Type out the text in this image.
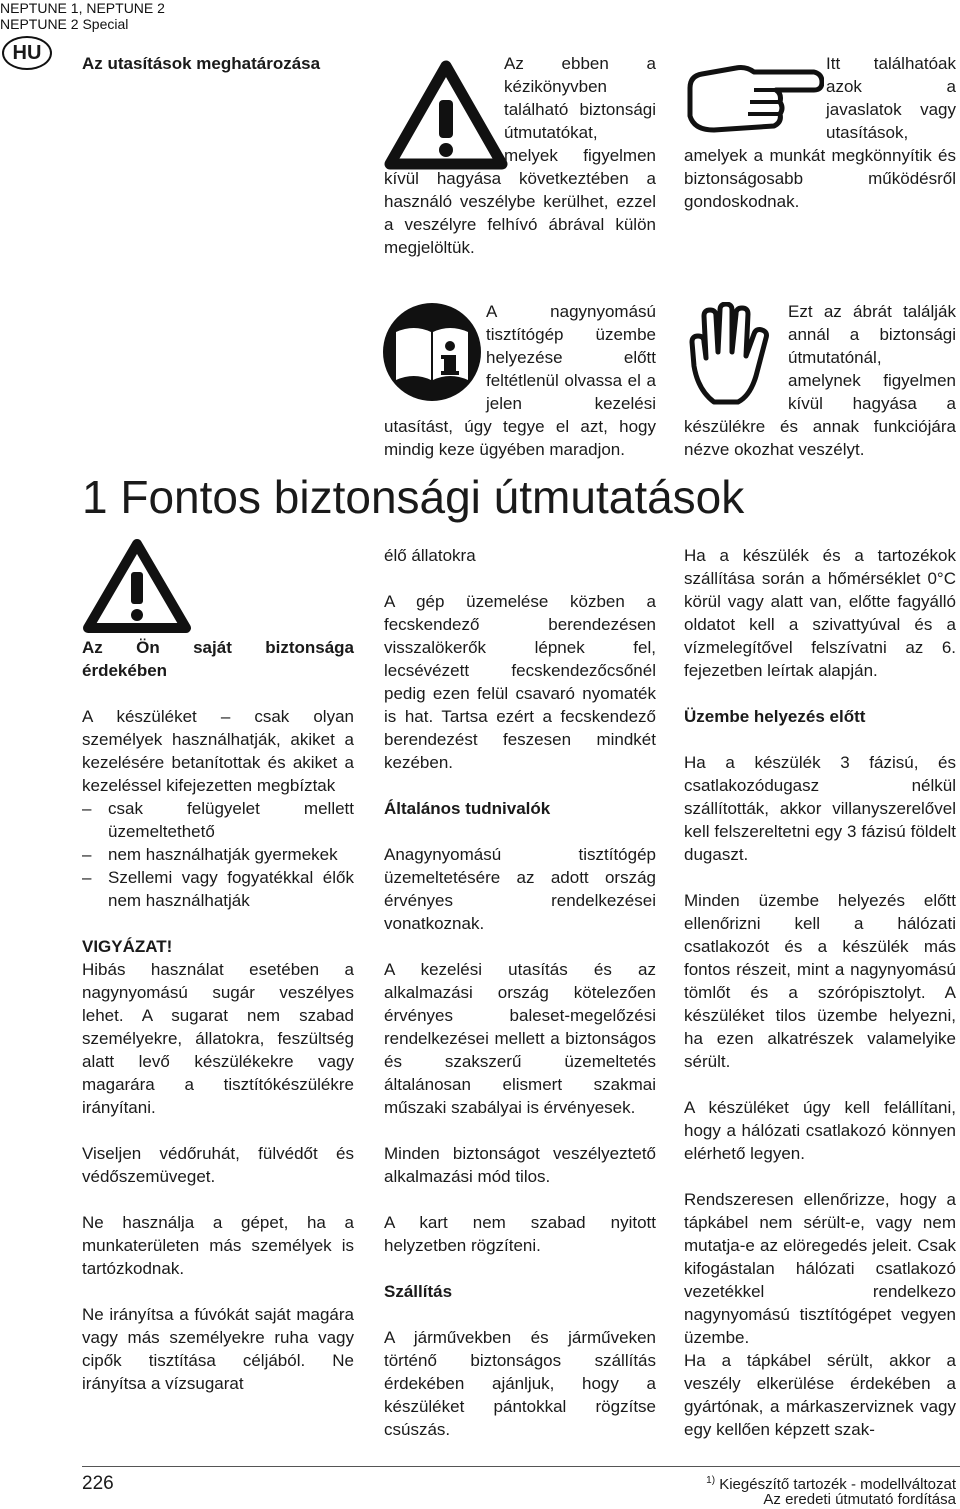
NEPTUNE 1, NEPTUNE 2
NEPTUNE 2 Special
HU	Az utasítások meghatározása	Az ebben a kézikönyvben található biztonsági útmutatókat, melyek figyelmen kívül hagyása következtében a használó veszélybe kerülhet, ezzel a veszélyre felhívó ábrával külön megjelöltük.
Itt találhatóak azok a javaslatok vagy utasítások, amelyek a munkát megkönnyítik és biztonságosabb működésről gondoskodnak.
A nagynyomású tisztítógép üzembe helyezése előtt feltétlenül olvassa el a jelen kezelési utasítást, úgy tegye el azt, hogy mindig keze ügyében maradjon.
Ezt az ábrát találják annál a biztonsági útmutatónál, amelynek figyelmen kívül hagyása a készülékre és annak funkciójára nézve okozhat veszélyt.
1 Fontos biztonsági útmutatások

Az Ön saját biztonsága érdekében

A készüléket – csak olyan személyek használhatják, akiket a kezelésére betanítottak és akiket a kezeléssel kifejezetten megbíztak

– csak felügyelet mellett üzemeltethető
– nem használhatják gyermekek
– Szellemi vagy fogyatékkal élők nem használhatják

VIGYÁZAT!

Hibás használat esetében a nagynyomású sugár veszélyes lehet. A sugarat nem szabad személyekre, állatokra, feszültség alatt levő készülékekre vagy magarára a tisztítókészülékre irányítani.

Viseljen védőruhát, fülvédőt és védőszemüveget.

Ne használja a gépet, ha a munkaterületen más személyek is tartózkodnak.

Ne irányítsa a fúvókát saját magára vagy más személyekre ruha vagy cipők tisztítása céljából. Ne irányítsa a vízsugarat

élő állatokra

A gép üzemelése közben a fecskendező berendezésen visszalökerők lépnek fel, lecsévézett fecskendezőcsőnél pedig ezen felül csavaró nyomaték is hat. Tartsa ezért a fecskendező berendezést feszesen mindkét kezében.

Általános tudnivalók

Anagynyomású tisztítógép üzemeltetésére az adott ország érvényes rendelkezései vonatkoznak.

A kezelési utasítás és az alkalmazási ország kötelezően érvényes baleset-megelőzési rendelkezései mellett a biztonságos és szakszerű üzemeltetés általánosan elismert szakmai műszaki szabályai is érvényesek.

Minden biztonságot veszélyeztető alkalmazási mód tilos.

A kart nem szabad nyitott helyzetben rögzíteni.

Szállítás

A járművekben és járműveken történő biztonságos szállítás érdekében ajánljuk, hogy a készüléket pántokkal rögzítse csúszás.

Ha a készülék és a tartozékok szállítása során a hőmérséklet 0°C körül vagy alatt van, előtte fagyálló oldatot kell a szivattyúval és a vízmelegítővel felszívatni az 6. fejezetben leírtak alapján.

Üzembe helyezés előtt

Ha a készülék 3 fázisú, és csatlakozódugasz nélkül szállították, akkor villanyszerelővel kell felszereltetni egy 3 fázisú földelt dugaszt.

Minden üzembe helyezés előtt ellenőrizni kell a hálózati csatlakozót és a készülék más fontos részeit, mint a nagynyomású tömlőt és a szórópisztolyt. A készüléket tilos üzembe helyezni, ha ezen alkatrészek valamelyike sérült.

A készüléket úgy kell felállítani, hogy a hálózati csatlakozó könnyen elérhető legyen.

Rendszeresen ellenőrizze, hogy a tápkábel nem sérült-e, vagy nem mutatja-e az elöregedés jeleit. Csak kifogástalan hálózati csatlakozó vezetékkel rendelkezo nagynyomású tisztítógépet vegyen üzembe.

Ha a tápkábel sérült, akkor a veszély elkerülése érdekében a gyártónak, a márkaszerviznek vagy egy kellően képzett szak-

226	$^{1)}$ Kiegészítő tartozék - modellváltozat
Az eredeti útmutató fordítása
